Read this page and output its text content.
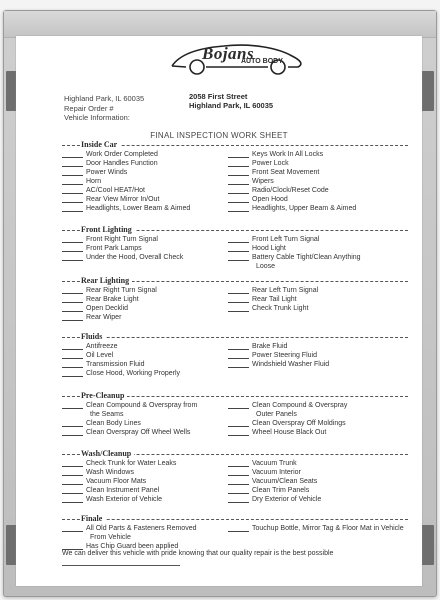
Bojans
AUTO BODY
2058 First Street
Highland Park, IL 60035
Highland Park, IL 60035
Repair Order #
Vehicle Information:
FINAL INSPECTION WORK SHEET
Inside Car
Work Order Completed
Door Handles Function
Power Winds
Horn
AC/Cool HEAT/Hot
Rear View Mirror In/Out
Headlights, Lower Beam & Aimed
Keys Work In All Locks
Power Lock
Front Seat Movement
Wipers
Radio/Clock/Reset Code
Open Hood
Headlights, Upper Beam & Aimed
Front Lighting
Front Right Turn Signal
Front Park Lamps
Under the Hood, Overall Check
Front Left Turn Signal
Hood Light
Battery Cable Tight/Clean Anything
Loose
Rear Lighting
Rear Right Turn Signal
Rear Brake Light
Open Decklid
Rear Wiper
Rear Left Turn Signal
Rear Tail Light
Check Trunk Light
Fluids
Antifreeze
Oil Level
Transmission Fluid
Close Hood, Working Properly
Brake Fluid
Power Steering Fluid
Windshield Washer Fluid
Pre-Cleanup
Clean Compound & Overspray from
the Seams
Clean Body Lines
Clean Overspray Off Wheel Wells
Clean Compound & Overspray
Outer Panels
Clean Overspray Off Moldings
Wheel House Black Out
Wash/Cleanup
Check Trunk for Water Leaks
Wash Windows
Vacuum Floor Mats
Clean Instrument Panel
Wash Exterior of Vehicle
Vacuum Trunk
Vacuum Interior
Vacuum/Clean Seats
Clean Trim Panels
Dry Exterior of Vehicle
Finale
All Old Parts & Fasteners Removed
From Vehicle
Has Chip Guard been applied
Touchup Bottle, Mirror Tag & Floor Mat in Vehicle
We can deliver this vehicle with pride knowing that our quality repair is the best possible
